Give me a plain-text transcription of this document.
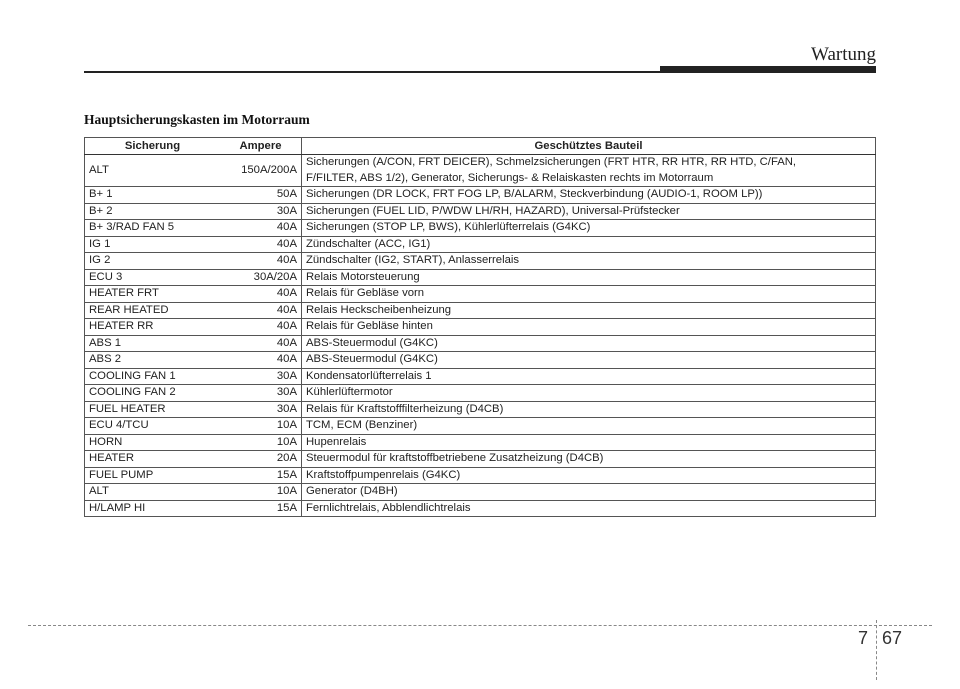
Wartung
Hauptsicherungskasten im Motorraum
Sicherung	Ampere	Geschütztes Bauteil
ALT	150A/200A	Sicherungen (A/CON, FRT DEICER), Schmelzsicherungen (FRT HTR, RR HTR, RR HTD, C/FAN,
F/FILTER, ABS 1/2), Generator, Sicherungs- & Relaiskasten rechts im Motorraum

B+ 1	50A	Sicherungen (DR LOCK, FRT FOG LP, B/ALARM, Steckverbindung (AUDIO-1, ROOM LP))
B+ 2	30A	Sicherungen (FUEL LID, P/WDW LH/RH, HAZARD), Universal-Prüfstecker
B+ 3/RAD FAN 5	40A	Sicherungen (STOP LP, BWS), Kühlerlüfterrelais (G4KC)
IG 1	40A	Zündschalter (ACC, IG1)
IG 2	40A	Zündschalter (IG2, START), Anlasserrelais
ECU 3	30A/20A	Relais Motorsteuerung
HEATER FRT	40A	Relais für Gebläse vorn
REAR HEATED	40A	Relais Heckscheibenheizung
HEATER RR	40A	Relais für Gebläse hinten
ABS 1	40A	ABS-Steuermodul (G4KC)
ABS 2	40A	ABS-Steuermodul (G4KC)
COOLING FAN 1	30A	Kondensatorlüfterrelais 1
COOLING FAN 2	30A	Kühlerlüftermotor
FUEL HEATER	30A	Relais für Kraftstofffilterheizung (D4CB)
ECU 4/TCU	10A	TCM, ECM (Benziner)
HORN	10A	Hupenrelais
HEATER	20A	Steuermodul für kraftstoffbetriebene Zusatzheizung (D4CB)
FUEL PUMP	15A	Kraftstoffpumpenrelais (G4KC)
ALT	10A	Generator (D4BH)
H/LAMP HI	15A	Fernlichtrelais, Abblendlichtrelais
7 67
